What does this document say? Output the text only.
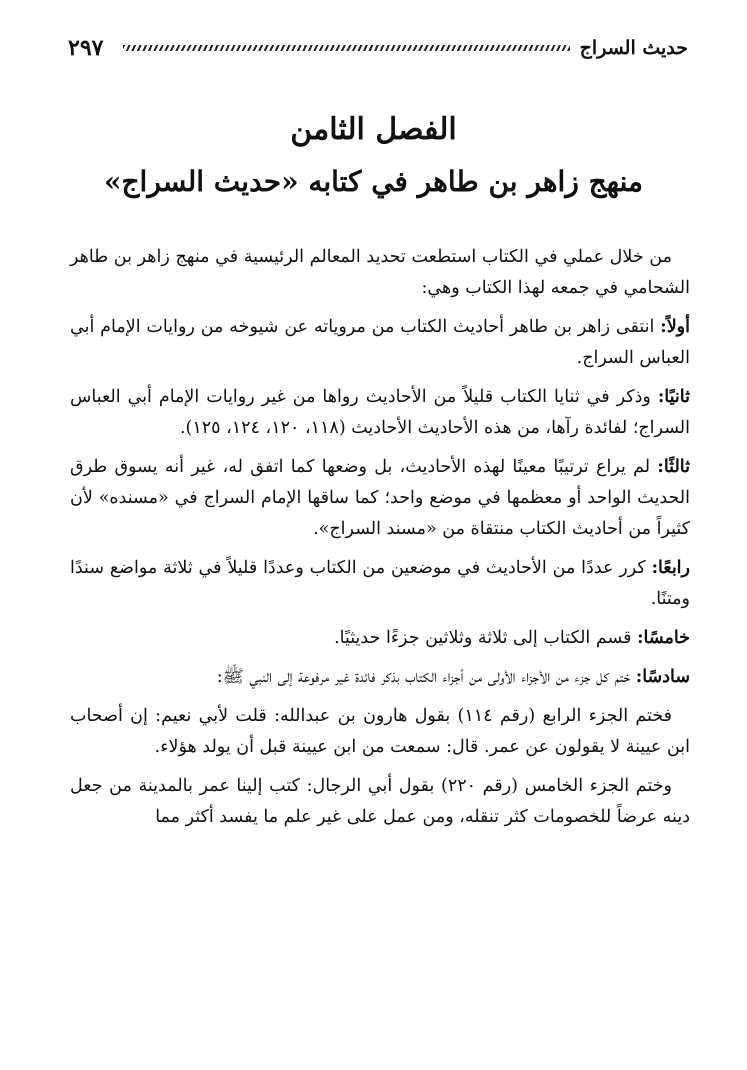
٢٩٧	حديث السراج
الفصل الثامن
منهج زاهر بن طاهر في كتابه «حديث السراج»

من خلال عملي في الكتاب استطعت تحديد المعالم الرئيسية في منهج زاهر بن طاهر الشحامي في جمعه لهذا الكتاب وهي:

أولاً: انتقى زاهر بن طاهر أحاديث الكتاب من مروياته عن شيوخه من روايات الإمام أبي العباس السراج.

ثانيًا: وذكر في ثنايا الكتاب قليلاً من الأحاديث رواها من غير روايات الإمام أبي العباس السراج؛ لفائدة رآها، من هذه الأحاديث الأحاديث (١١٨، ١٢٠، ١٢٤، ١٢٥).

ثالثًا: لم يراع ترتيبًا معينًا لهذه الأحاديث، بل وضعها كما اتفق له، غير أنه يسوق طرق الحديث الواحد أو معظمها في موضع واحد؛ كما ساقها الإمام السراج في «مسنده» لأن كثيراً من أحاديث الكتاب منتقاة من «مسند السراج».

رابعًا: كرر عددًا من الأحاديث في موضعين من الكتاب وعددًا قليلاً في ثلاثة مواضع سندًا ومتنًا.

خامسًا: قسم الكتاب إلى ثلاثة وثلاثين جزءًا حديثيًا.

سادسًا: ختم كل جزء من الأجزاء الأولى من أجزاء الكتاب بذكر فائدة غير مرفوعة إلى النبي ﷺ:

فختم الجزء الرابع (رقم ١١٤) بقول هارون بن عبدالله: قلت لأبي نعيم: إن أصحاب ابن عيينة لا يقولون عن عمر. قال: سمعت من ابن عيينة قبل أن يولد هؤلاء.

وختم الجزء الخامس (رقم ٢٢٠) بقول أبي الرجال: كتب إلينا عمر بالمدينة من جعل دينه عرضاً للخصومات كثر تنقله، ومن عمل على غير علم ما يفسد أكثر مما
